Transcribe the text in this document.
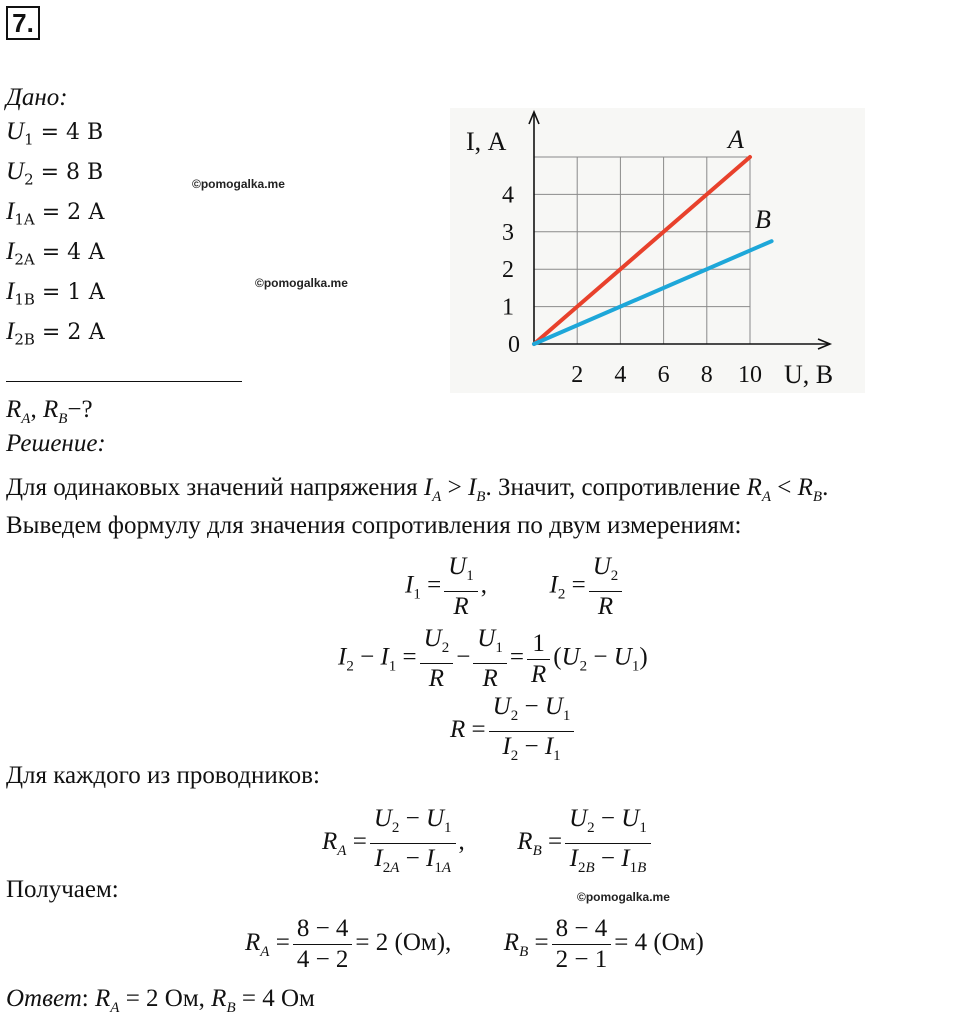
7.
Дано:
$U_1 = 4$ В
$U_2 = 8$ В
$I_{1A} = 2$ А
$I_{2A} = 4$ А
$I_{1В} = 1$ А
$I_{2В} = 2$ А
©pomogalka.me
©pomogalka.me
©pomogalka.me
$R_A$, $R_B-$?
Решение:
Для одинаковых значений напряжения $I_A > I_B$. Значит, сопротивление $R_A < R_B$.
Выведем формулу для значения сопротивления по двум измерениям:
$I_1 = \frac{U_1}{R}$ ,  $I_2 = \frac{U_2}{R}$
$I_2 - I_1 = \frac{U_2}{R} - \frac{U_1}{R} = \frac{1}{R} (U_2 - U_1)$
$R = \frac{U_2 - U_1}{I_2 - I_1}$
Для каждого из проводников:
$R_A = \frac{U_2 - U_1}{I_{2A} - I_{1A}}$ ,  $R_B = \frac{U_2 - U_1}{I_{2B} - I_{1B}}$
Получаем:
$R_A = \frac{8 - 4}{4 - 2} = 2$ (Ом),  $R_B = \frac{8 - 4}{2 - 1} = 4$ (Ом)
Ответ: $R_A = 2$ Ом, $R_B = 4$ Ом
2 4 6 8 10
1
2
3
4
0
I, А
U, В
A
B
